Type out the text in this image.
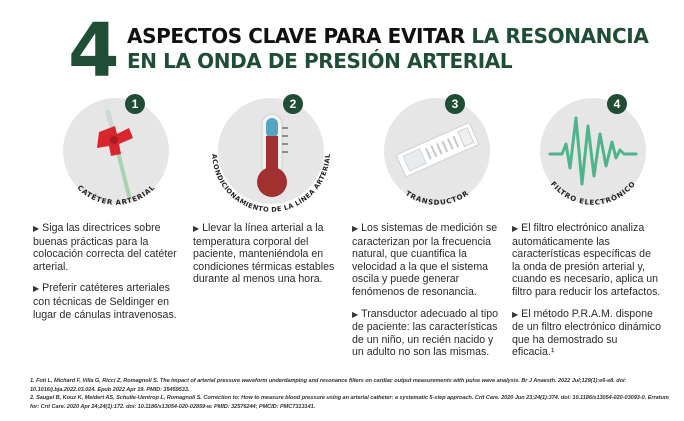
4 ASPECTOS CLAVE PARA EVITAR LA RESONANCIA
EN LA ONDA DE PRESIÓN ARTERIAL
1	2	3	4
CATÉTER ARTERIAL
ACONDICIONAMIENTO DE LA LÍNEA ARTERIAL
TRANSDUCTOR
FILTRO ELECTRÓNICO

▶ Siga las directrices sobre buenas prácticas para la colocación correcta del catéter arterial.

▶ Preferir catéteres arteriales con técnicas de Seldinger en lugar de cánulas intravenosas.

▶ Llevar la línea arterial a la temperatura corporal del paciente, manteniéndola en condiciones térmicas estables durante al menos una hora.

▶ Los sistemas de medición se caracterizan por la frecuencia natural, que cuantifica la velocidad a la que el sistema oscila y puede generar fenómenos de resonancia.

▶ Transductor adecuado al tipo de paciente: las características de un niño, un recién nacido y un adulto no son las mismas.

▶ El filtro electrónico analiza automáticamente las características específicas de la onda de presión arterial y, cuando es necesario, aplica un filtro para reducir los artefactos.

▶ El método P.R.A.M. dispone de un filtro electrónico dinámico que ha demostrado su eficacia.¹

1. Foti L, Michard F, Villa G, Ricci Z, Romagnoli S. The impact of arterial pressure waveform underdamping and resonance filters on cardiac output measurements with pulse wave analysis. Br J Anaesth. 2022 Jul;129(1):e6-e8. doi: 10.1016/j.bja.2022.03.024. Epub 2022 Apr 19. PMID: 35459533.
2. Saugel B, Kouz K, Meidert AS, Schulte-Uentrop L, Romagnoli S. Correction to: How to measure blood pressure using an arterial catheter: a systematic 5-step approach. Crit Care. 2020 Jun 23;24(1):374. doi: 10.1186/s13054-020-03093-0. Erratum for: Crit Care. 2020 Apr 24;24(1):172. doi: 10.1186/s13054-020-02859-w. PMID: 32576244; PMCID: PMC7313141.
